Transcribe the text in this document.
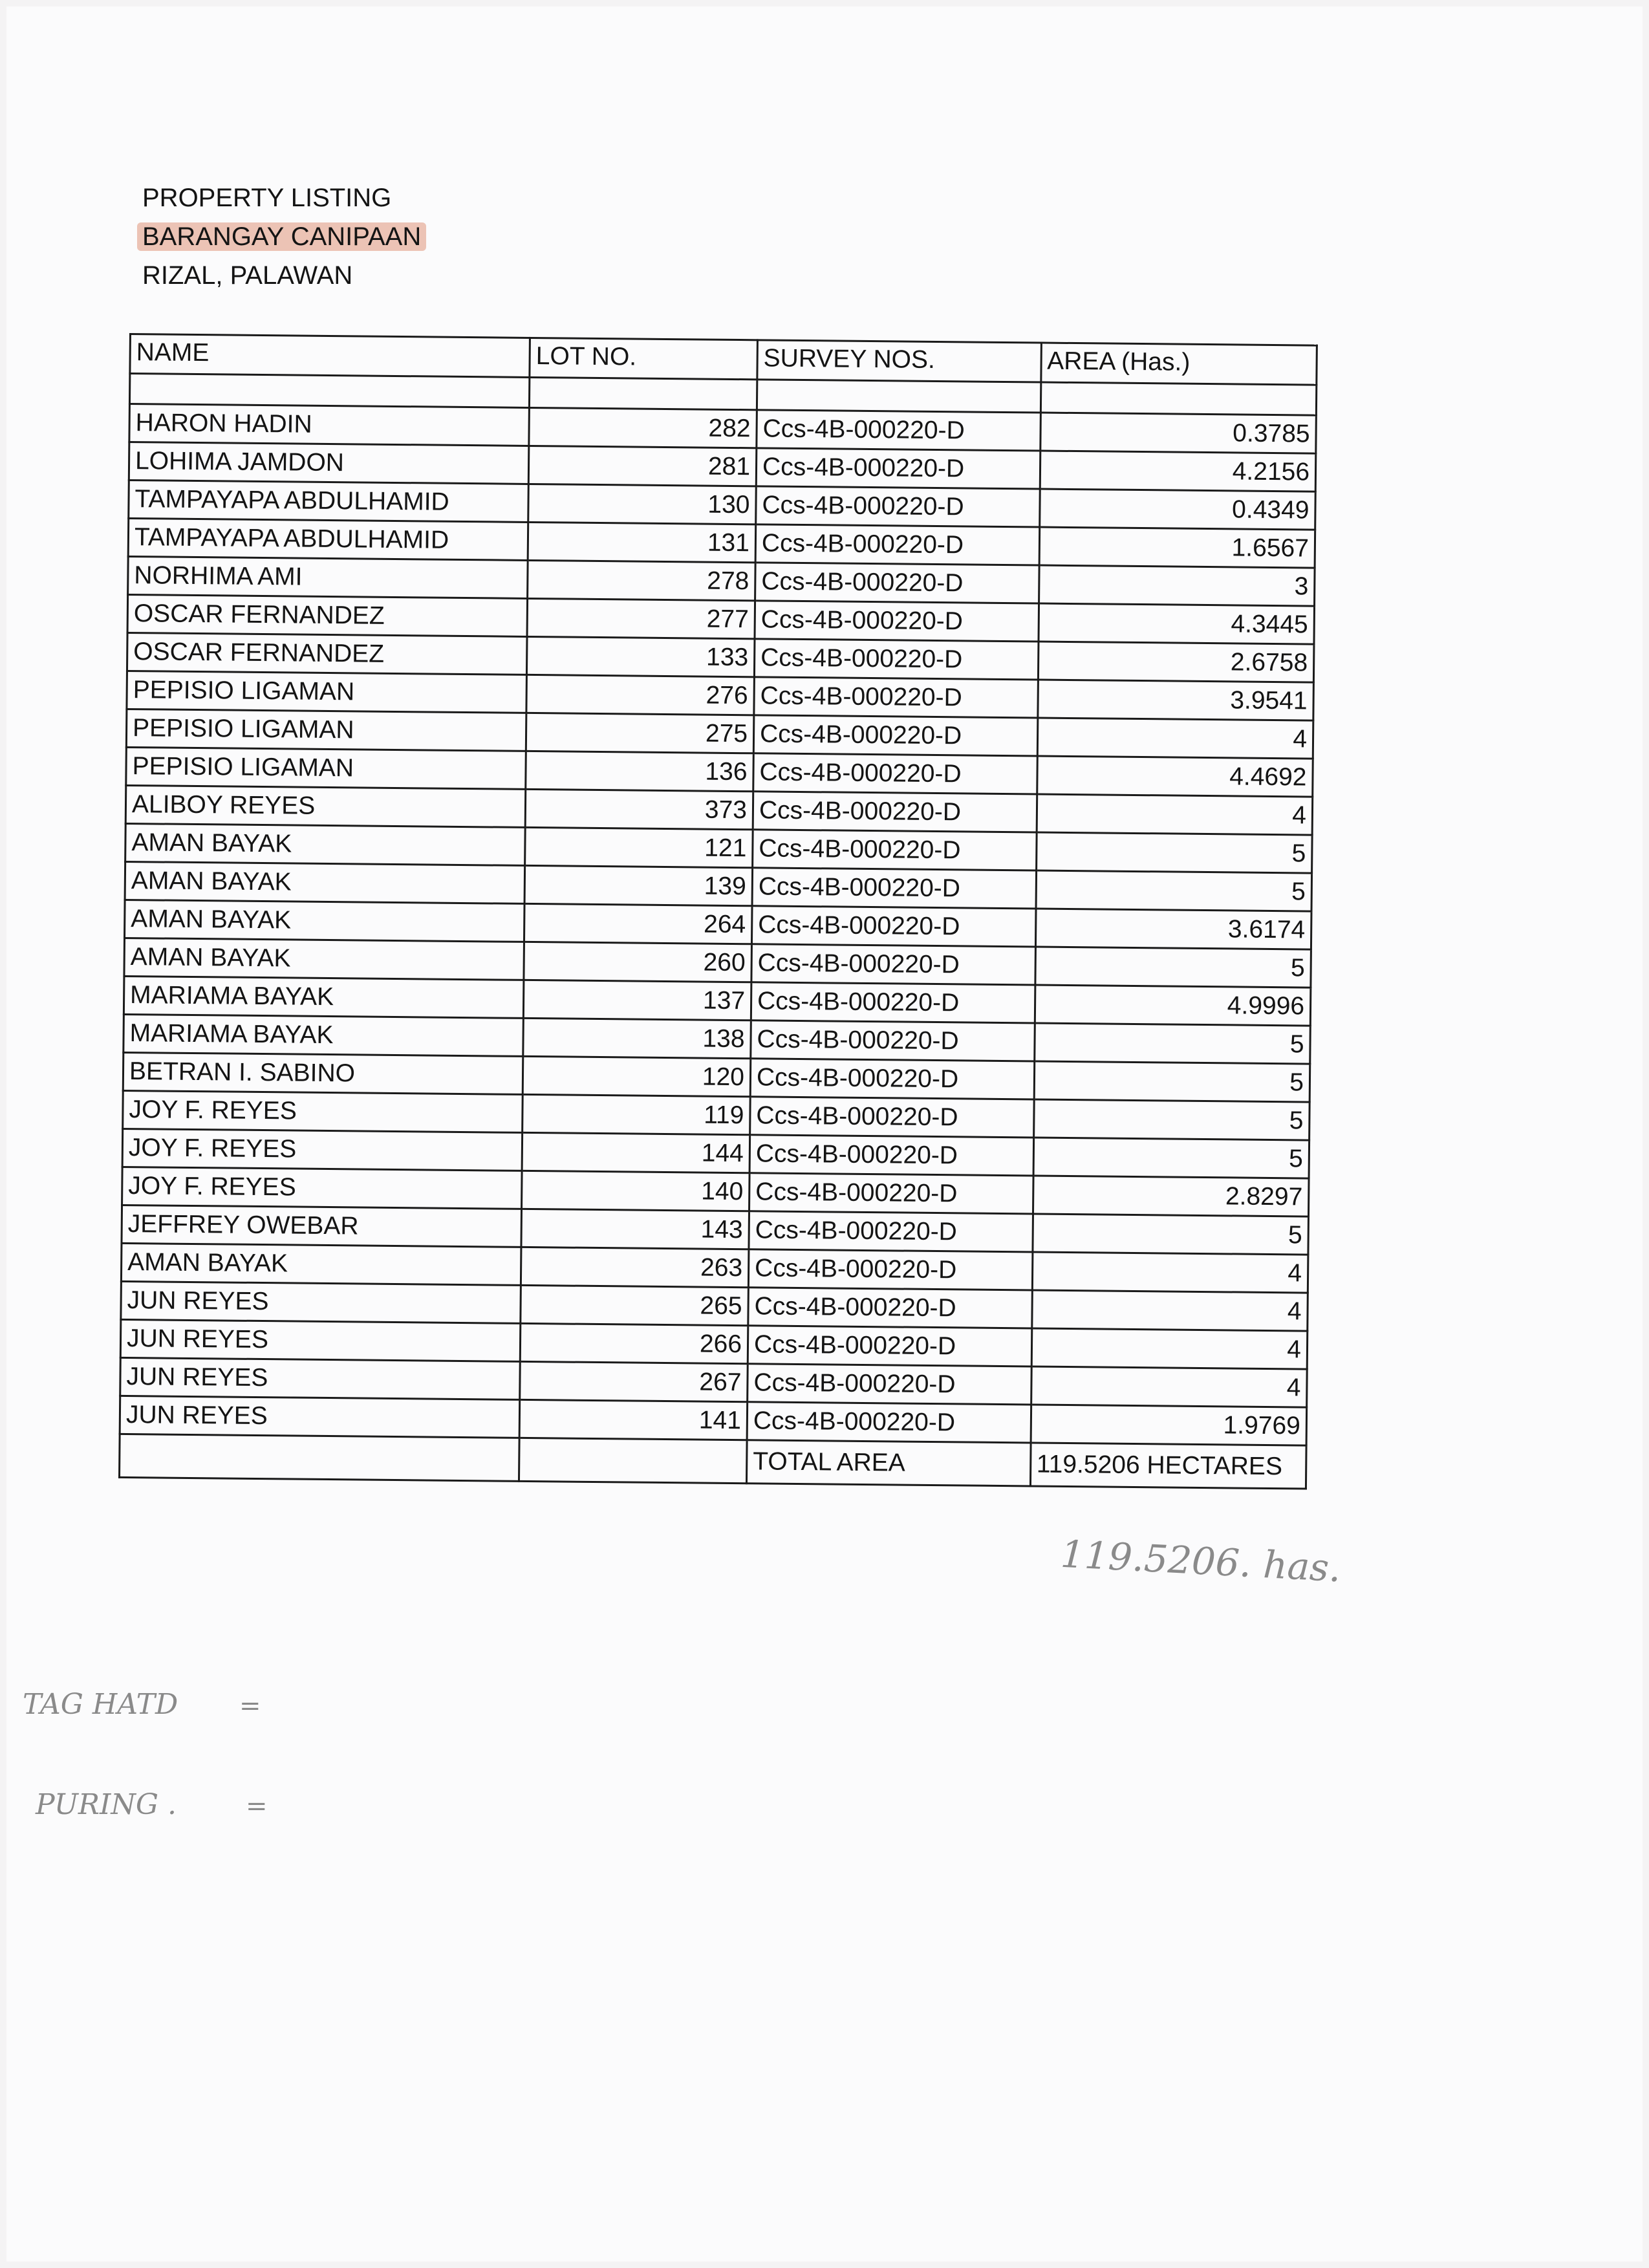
PROPERTY LISTING
BARANGAY CANIPAAN
RIZAL, PALAWAN
NAME	LOT NO.	SURVEY NOS.	AREA (Has.)

HARON HADIN	282	Ccs-4B-000220-D	0.3785
LOHIMA JAMDON	281	Ccs-4B-000220-D	4.2156
TAMPAYAPA ABDULHAMID	130	Ccs-4B-000220-D	0.4349
TAMPAYAPA ABDULHAMID	131	Ccs-4B-000220-D	1.6567
NORHIMA AMI	278	Ccs-4B-000220-D	3
OSCAR FERNANDEZ	277	Ccs-4B-000220-D	4.3445
OSCAR FERNANDEZ	133	Ccs-4B-000220-D	2.6758
PEPISIO LIGAMAN	276	Ccs-4B-000220-D	3.9541
PEPISIO LIGAMAN	275	Ccs-4B-000220-D	4
PEPISIO LIGAMAN	136	Ccs-4B-000220-D	4.4692
ALIBOY REYES	373	Ccs-4B-000220-D	4
AMAN BAYAK	121	Ccs-4B-000220-D	5
AMAN BAYAK	139	Ccs-4B-000220-D	5
AMAN BAYAK	264	Ccs-4B-000220-D	3.6174
AMAN BAYAK	260	Ccs-4B-000220-D	5
MARIAMA BAYAK	137	Ccs-4B-000220-D	4.9996
MARIAMA BAYAK	138	Ccs-4B-000220-D	5
BETRAN I. SABINO	120	Ccs-4B-000220-D	5
JOY F. REYES	119	Ccs-4B-000220-D	5
JOY F. REYES	144	Ccs-4B-000220-D	5
JOY F. REYES	140	Ccs-4B-000220-D	2.8297
JEFFREY OWEBAR	143	Ccs-4B-000220-D	5
AMAN BAYAK	263	Ccs-4B-000220-D	4
JUN REYES	265	Ccs-4B-000220-D	4
JUN REYES	266	Ccs-4B-000220-D	4
JUN REYES	267	Ccs-4B-000220-D	4
JUN REYES	141	Ccs-4B-000220-D	1.9769
		TOTAL AREA	119.5206 HECTARES
119.5206. has.
TAG HATD =
PURING .	=
